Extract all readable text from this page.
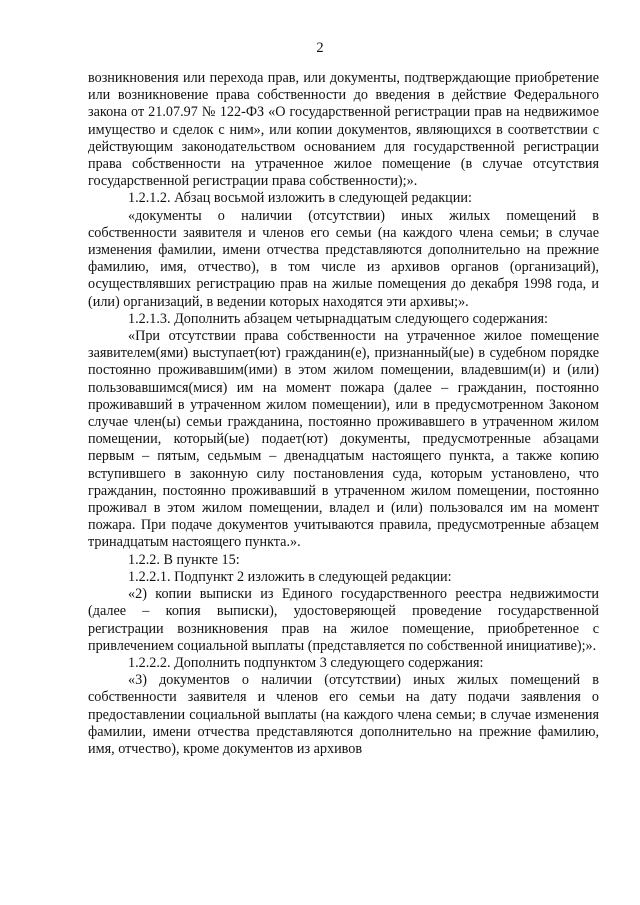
2

возникновения или перехода прав, или документы, подтверждающие приобретение или возникновение права собственности до введения в действие Федерального закона от 21.07.97 № 122-ФЗ «О государственной регистрации прав на недвижимое имущество и сделок с ним», или копии документов, являющихся в соответствии с действующим законодательством основанием для государственной регистрации права собственности на утраченное жилое помещение (в случае отсутствия государственной регистрации права собственности);».

1.2.1.2. Абзац восьмой изложить в следующей редакции:

«документы о наличии (отсутствии) иных жилых помещений в собственности заявителя и членов его семьи (на каждого члена семьи; в случае изменения фамилии, имени отчества представляются дополнительно на прежние фамилию, имя, отчество), в том числе из архивов органов (организаций), осуществлявших регистрацию прав на жилые помещения до декабря 1998 года, и (или) организаций, в ведении которых находятся эти архивы;».

1.2.1.3. Дополнить абзацем четырнадцатым следующего содержания:

«При отсутствии права собственности на утраченное жилое помещение заявителем(ями) выступает(ют) гражданин(е), признанный(ые) в судебном порядке постоянно проживавшим(ими) в этом жилом помещении, владевшим(и) и (или) пользовавшимся(мися) им на момент пожара (далее – гражданин, постоянно проживавший в утраченном жилом помещении), или в предусмотренном Законом случае член(ы) семьи гражданина, постоянно проживавшего в утраченном жилом помещении, который(ые) подает(ют) документы, предусмотренные абзацами первым – пятым, седьмым – двенадцатым настоящего пункта, а также копию вступившего в законную силу постановления суда, которым установлено, что гражданин, постоянно проживавший в утраченном жилом помещении, постоянно проживал в этом жилом помещении, владел и (или) пользовался им на момент пожара. При подаче документов учитываются правила, предусмотренные абзацем тринадцатым настоящего пункта.».

1.2.2. В пункте 15:

1.2.2.1. Подпункт 2 изложить в следующей редакции:

«2) копии выписки из Единого государственного реестра недвижимости (далее – копия выписки), удостоверяющей проведение государственной регистрации возникновения прав на жилое помещение, приобретенное с привлечением социальной выплаты (представляется по собственной инициативе);».

1.2.2.2. Дополнить подпунктом 3 следующего содержания:

«3) документов о наличии (отсутствии) иных жилых помещений в собственности заявителя и членов его семьи на дату подачи заявления о предоставлении социальной выплаты (на каждого члена семьи; в случае изменения фамилии, имени отчества представляются дополнительно на прежние фамилию, имя, отчество), кроме документов из архивов
